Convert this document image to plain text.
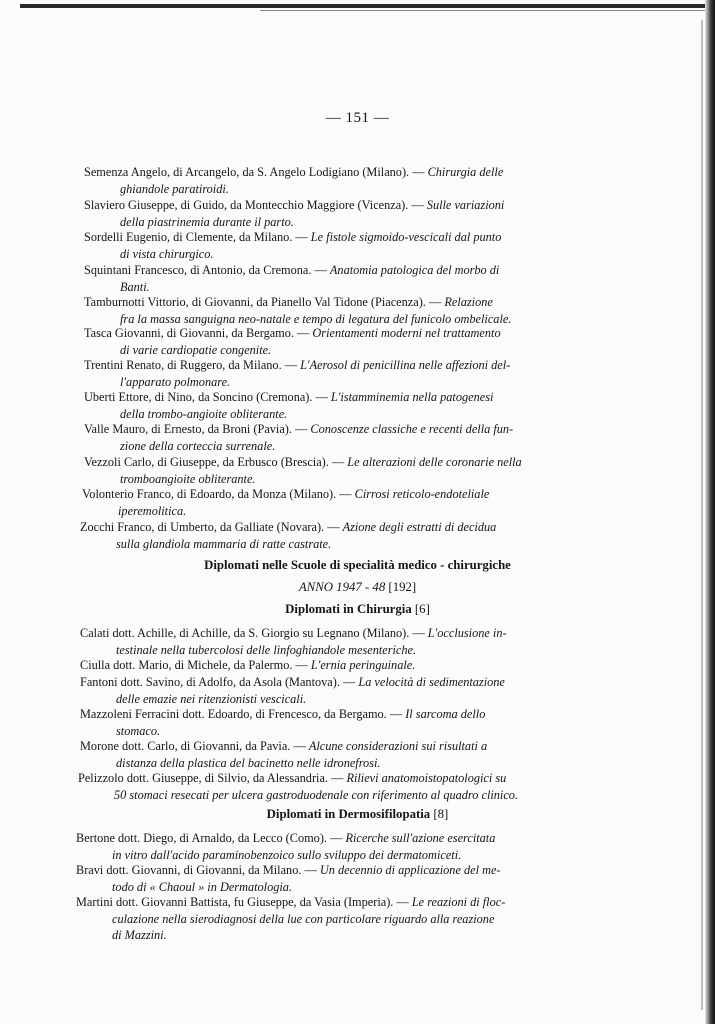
— 151 —
Semenza Angelo, di Arcangelo, da S. Angelo Lodigiano (Milano). — Chirurgia delle
ghiandole paratiroidi.
Slaviero Giuseppe, di Guido, da Montecchio Maggiore (Vicenza). — Sulle variazioni
della piastrinemia durante il parto.
Sordelli Eugenio, di Clemente, da Milano. — Le fistole sigmoido-vescicali dal punto
di vista chirurgico.
Squintani Francesco, di Antonio, da Cremona. — Anatomia patologica del morbo di
Banti.
Tamburnotti Vittorio, di Giovanni, da Pianello Val Tidone (Piacenza). — Relazione
fra la massa sanguigna neo-natale e tempo di legatura del funicolo ombelicale.
Tasca Giovanni, di Giovanni, da Bergamo. — Orientamenti moderni nel trattamento
di varie cardiopatie congenite.
Trentini Renato, di Ruggero, da Milano. — L'Aerosol di penicillina nelle affezioni del-
l'apparato polmonare.
Uberti Ettore, di Nino, da Soncino (Cremona). — L'istamminemia nella patogenesi
della trombo-angioite obliterante.
Valle Mauro, di Ernesto, da Broni (Pavia). — Conoscenze classiche e recenti della fun-
zione della corteccia surrenale.
Vezzoli Carlo, di Giuseppe, da Erbusco (Brescia). — Le alterazioni delle coronarie nella
tromboangioite obliterante.
Volonterio Franco, di Edoardo, da Monza (Milano). — Cirrosi reticolo-endoteliale
iperemolitica.
Zocchi Franco, di Umberto, da Galliate (Novara). — Azione degli estratti di decidua
sulla glandiola mammaria di ratte castrate.
Diplomati nelle Scuole di specialità medico - chirurgiche
ANNO 1947 - 48 [192]
Diplomati in Chirurgia [6]
Calati dott. Achille, di Achille, da S. Giorgio su Legnano (Milano). — L'occlusione in-
testinale nella tubercolosi delle linfoghiandole mesenteriche.
Ciulla dott. Mario, di Michele, da Palermo. — L'ernia peringuinale.
Fantoni dott. Savino, di Adolfo, da Asola (Mantova). — La velocità di sedimentazione
delle emazie nei ritenzionisti vescicali.
Mazzoleni Ferracini dott. Edoardo, di Frencesco, da Bergamo. — Il sarcoma dello
stomaco.
Morone dott. Carlo, di Giovanni, da Pavia. — Alcune considerazioni sui risultati a
distanza della plastica del bacinetto nelle idronefrosi.
Pelizzolo dott. Giuseppe, di Silvio, da Alessandria. — Rilievi anatomoistopatologici su
50 stomaci resecati per ulcera gastroduodenale con riferimento al quadro clinico.
Diplomati in Dermosifilopatia [8]
Bertone dott. Diego, di Arnaldo, da Lecco (Como). — Ricerche sull'azione esercitata
in vitro dall'acido paraminobenzoico sullo sviluppo dei dermatomiceti.
Bravi dott. Giovanni, di Giovanni, da Milano. — Un decennio di applicazione del me-
todo di « Chaoul » in Dermatologia.
Martini dott. Giovanni Battista, fu Giuseppe, da Vasia (Imperia). — Le reazioni di floc-
culazione nella sierodiagnosi della lue con particolare riguardo alla reazione
di Mazzini.
